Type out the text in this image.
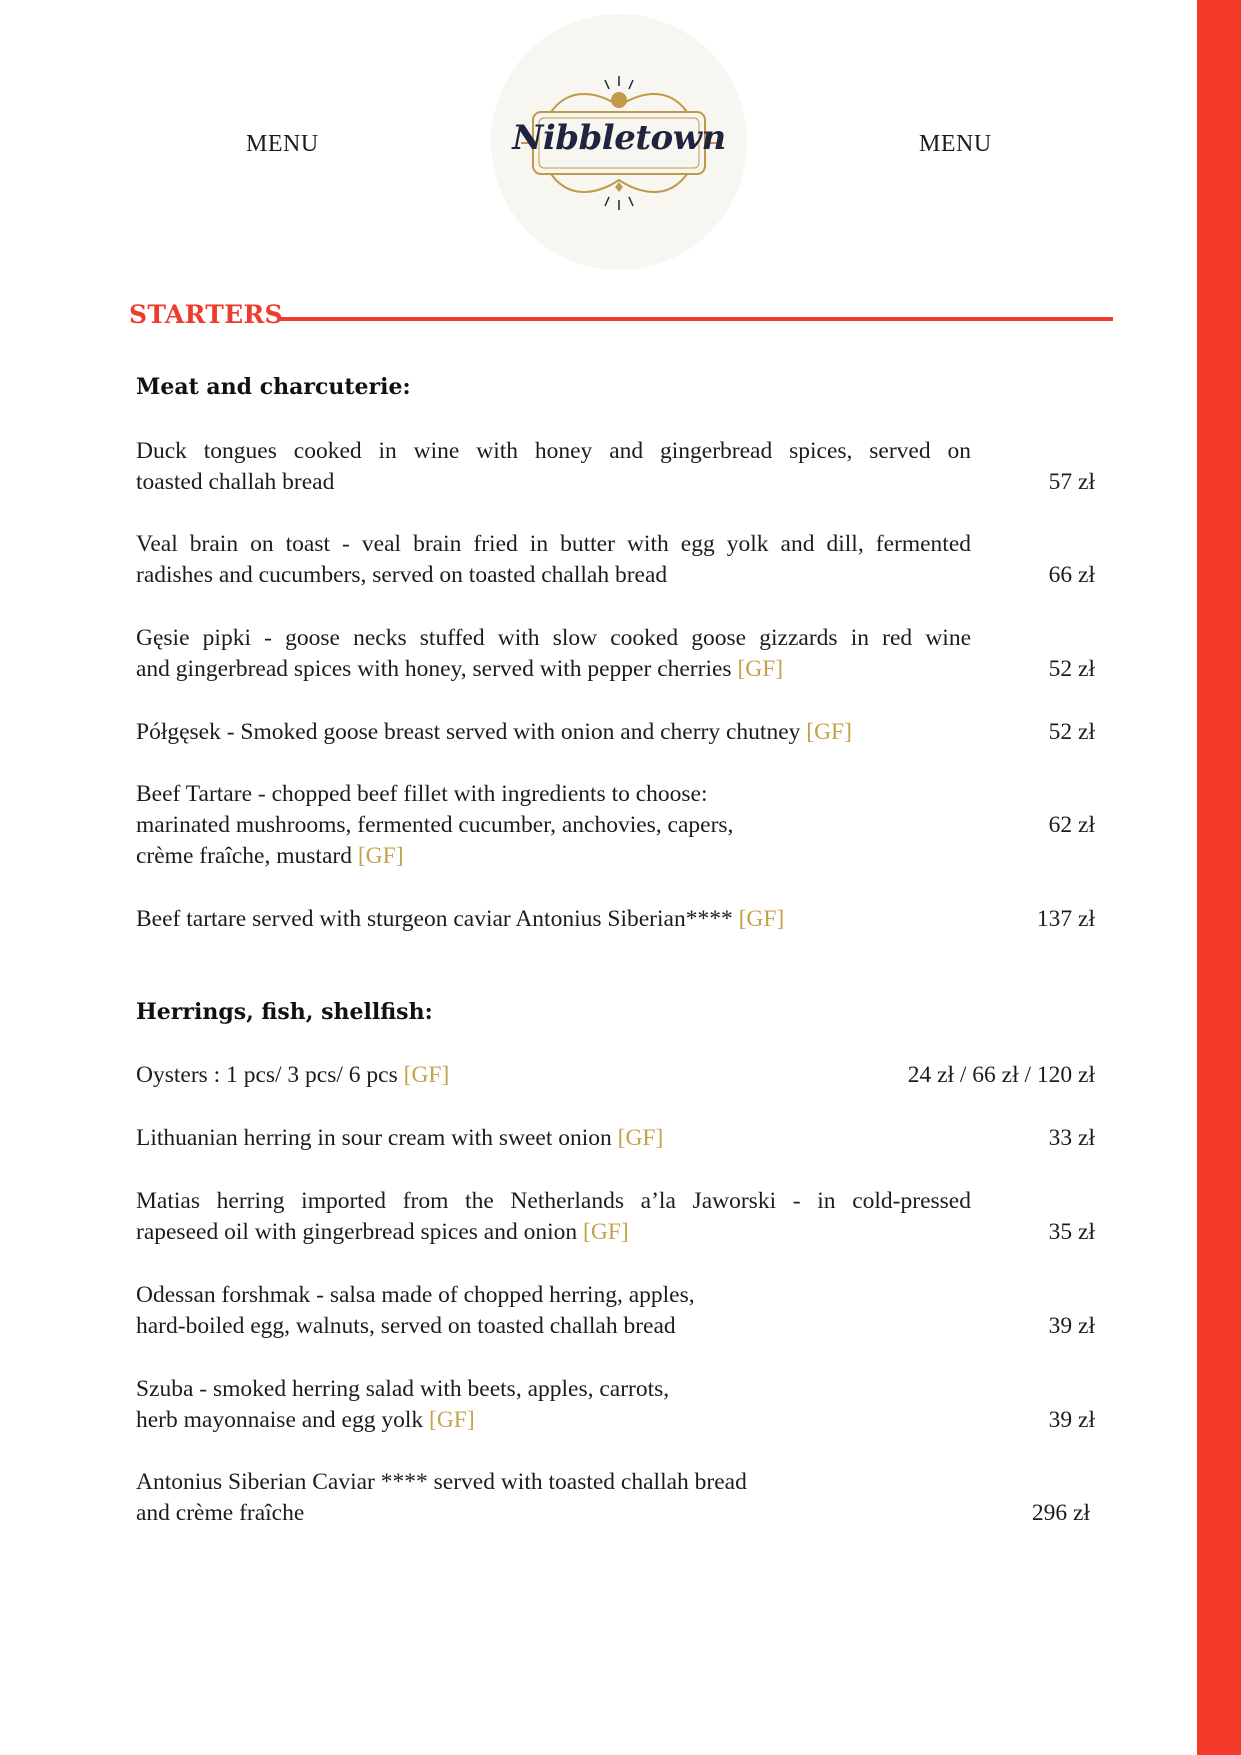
MENU	MENU
Nibbletown
STARTERS
Meat and charcuterie:
Duck tongues cooked in wine with honey and gingerbread spices, served on
toasted challah bread	57 zł
Veal brain on toast - veal brain fried in butter with egg yolk and dill, fermented
radishes and cucumbers, served on toasted challah bread	66 zł
Gęsie pipki - goose necks stuffed with slow cooked goose gizzards in red wine
and gingerbread spices with honey, served with pepper cherries [GF]	52 zł
Półgęsek - Smoked goose breast served with onion and cherry chutney [GF]	52 zł
Beef Tartare - chopped beef fillet with ingredients to choose:
marinated mushrooms, fermented cucumber, anchovies, capers,
crème fraîche, mustard [GF]
62 zł
Beef tartare served with sturgeon caviar Antonius Siberian**** [GF]	137 zł
Herrings, fish, shellfish:
Oysters : 1 pcs/ 3 pcs/ 6 pcs [GF]	24 zł / 66 zł / 120 zł
Lithuanian herring in sour cream with sweet onion [GF]	33 zł
Matias herring imported from the Netherlands a’la Jaworski - in cold-pressed
rapeseed oil with gingerbread spices and onion [GF]	35 zł
Odessan forshmak - salsa made of chopped herring, apples,
hard-boiled egg, walnuts, served on toasted challah bread	39 zł
Szuba - smoked herring salad with beets, apples, carrots,
herb mayonnaise and egg yolk [GF]	39 zł
Antonius Siberian Caviar **** served with toasted challah bread
and crème fraîche	296 zł
